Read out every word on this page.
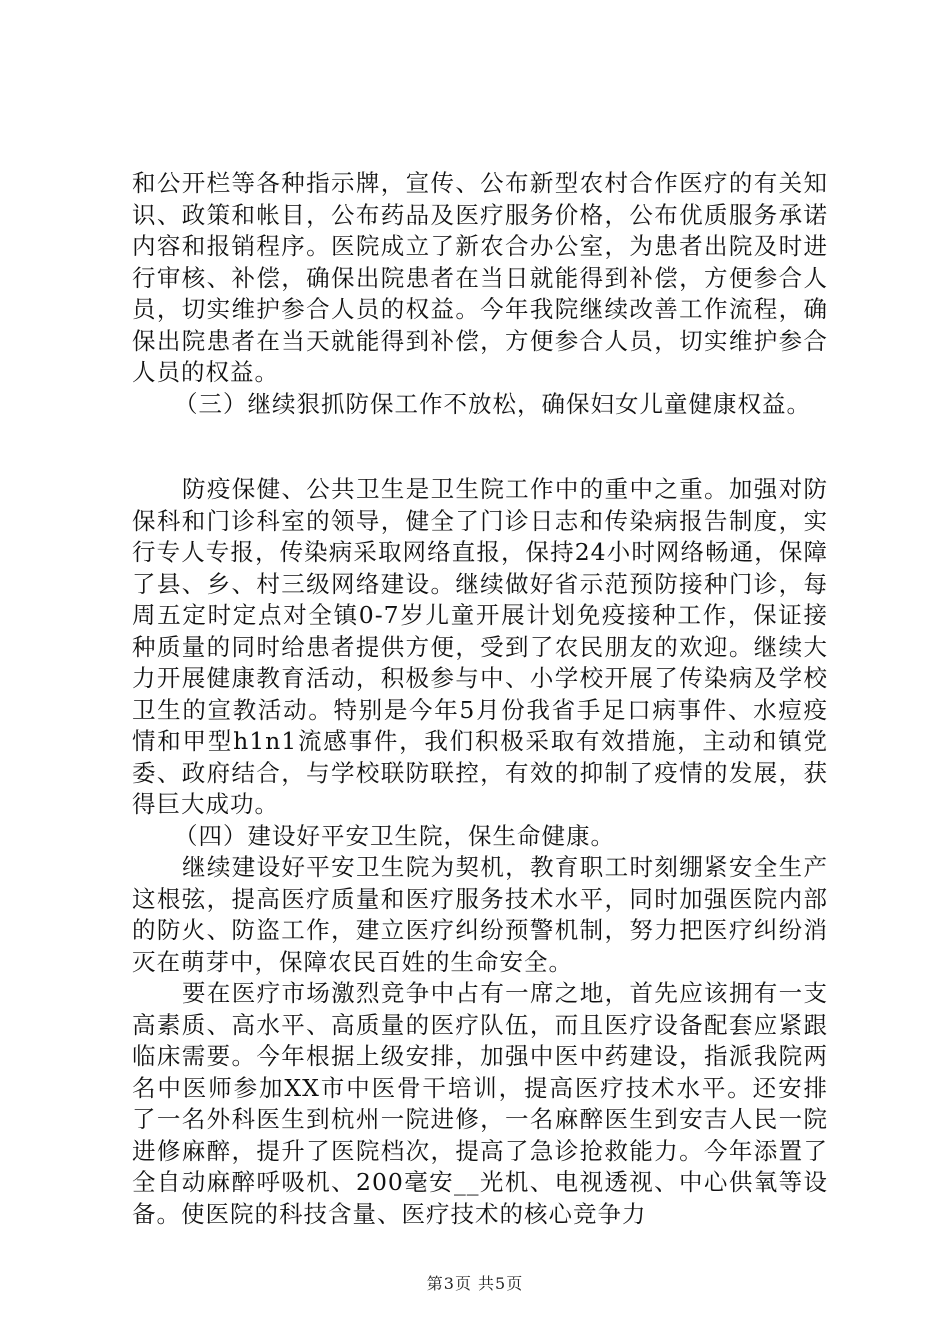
和公开栏等各种指示牌，宣传、公布新型农村合作医疗的有关知识、政策和帐目，公布药品及医疗服务价格，公布优质服务承诺内容和报销程序。医院成立了新农合办公室，为患者出院及时进行审核、补偿，确保出院患者在当日就能得到补偿，方便参合人员，切实维护参合人员的权益。今年我院继续改善工作流程，确保出院患者在当天就能得到补偿，方便参合人员，切实维护参合人员的权益。

（三）继续狠抓防保工作不放松，确保妇女儿童健康权益。

防疫保健、公共卫生是卫生院工作中的重中之重。加强对防保科和门诊科室的领导，健全了门诊日志和传染病报告制度，实行专人专报，传染病采取网络直报，保持24小时网络畅通，保障了县、乡、村三级网络建设。继续做好省示范预防接种门诊，每周五定时定点对全镇0-7岁儿童开展计划免疫接种工作，保证接种质量的同时给患者提供方便，受到了农民朋友的欢迎。继续大力开展健康教育活动，积极参与中、小学校开展了传染病及学校卫生的宣教活动。特别是今年5月份我省手足口病事件、水痘疫情和甲型h1n1流感事件，我们积极采取有效措施，主动和镇党委、政府结合，与学校联防联控，有效的抑制了疫情的发展，获得巨大成功。

（四）建设好平安卫生院，保生命健康。

继续建设好平安卫生院为契机，教育职工时刻绷紧安全生产这根弦，提高医疗质量和医疗服务技术水平，同时加强医院内部的防火、防盗工作，建立医疗纠纷预警机制，努力把医疗纠纷消灭在萌芽中，保障农民百姓的生命安全。

要在医疗市场激烈竞争中占有一席之地，首先应该拥有一支高素质、高水平、高质量的医疗队伍，而且医疗设备配套应紧跟临床需要。今年根据上级安排，加强中医中药建设，指派我院两名中医师参加XX市中医骨干培训，提高医疗技术水平。还安排了一名外科医生到杭州一院进修，一名麻醉医生到安吉人民一院进修麻醉，提升了医院档次，提高了急诊抢救能力。今年添置了全自动麻醉呼吸机、200毫安__光机、电视透视、中心供氧等设备。使医院的科技含量、医疗技术的核心竞争力

第3页 共5页
